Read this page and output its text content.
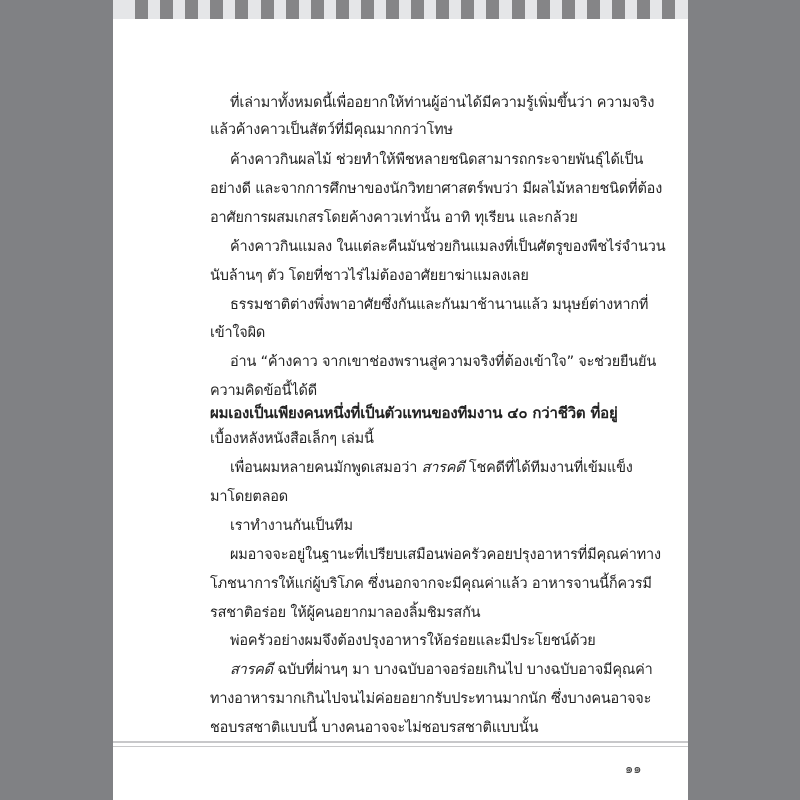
ที่เล่ามาทั้งหมดนี้เพื่ออยากให้ท่านผู้อ่านได้มีความรู้เพิ่มขึ้นว่า ความจริง
แล้วค้างคาวเป็นสัตว์ที่มีคุณมากกว่าโทษ
ค้างคาวกินผลไม้ ช่วยทำให้พืชหลายชนิดสามารถกระจายพันธุ์ได้เป็น
อย่างดี และจากการศึกษาของนักวิทยาศาสตร์พบว่า มีผลไม้หลายชนิดที่ต้อง
อาศัยการผสมเกสรโดยค้างคาวเท่านั้น อาทิ ทุเรียน และกล้วย
ค้างคาวกินแมลง ในแต่ละคืนมันช่วยกินแมลงที่เป็นศัตรูของพืชไร่จำนวน
นับล้านๆ ตัว โดยที่ชาวไร่ไม่ต้องอาศัยยาฆ่าแมลงเลย
ธรรมชาติต่างพึ่งพาอาศัยซึ่งกันและกันมาช้านานแล้ว มนุษย์ต่างหากที่
เข้าใจผิด
อ่าน “ค้างคาว จากเขาช่องพรานสู่ความจริงที่ต้องเข้าใจ” จะช่วยยืนยัน
ความคิดข้อนี้ได้ดี
ผมเองเป็นเพียงคนหนึ่งที่เป็นตัวแทนของทีมงาน ๔๐ กว่าชีวิต ที่อยู่
เบื้องหลังหนังสือเล็กๆ เล่มนี้
เพื่อนผมหลายคนมักพูดเสมอว่า สารคดี โชคดีที่ได้ทีมงานที่เข้มแข็ง
มาโดยตลอด
เราทำงานกันเป็นทีม
ผมอาจจะอยู่ในฐานะที่เปรียบเสมือนพ่อครัวคอยปรุงอาหารที่มีคุณค่าทาง
โภชนาการให้แก่ผู้บริโภค ซึ่งนอกจากจะมีคุณค่าแล้ว อาหารจานนี้ก็ควรมี
รสชาติอร่อย ให้ผู้คนอยากมาลองลิ้มชิมรสกัน
พ่อครัวอย่างผมจึงต้องปรุงอาหารให้อร่อยและมีประโยชน์ด้วย
สารคดี ฉบับที่ผ่านๆ มา บางฉบับอาจอร่อยเกินไป บางฉบับอาจมีคุณค่า
ทางอาหารมากเกินไปจนไม่ค่อยอยากรับประทานมากนัก ซึ่งบางคนอาจจะ
ชอบรสชาติแบบนี้ บางคนอาจจะไม่ชอบรสชาติแบบนั้น
๑๑
